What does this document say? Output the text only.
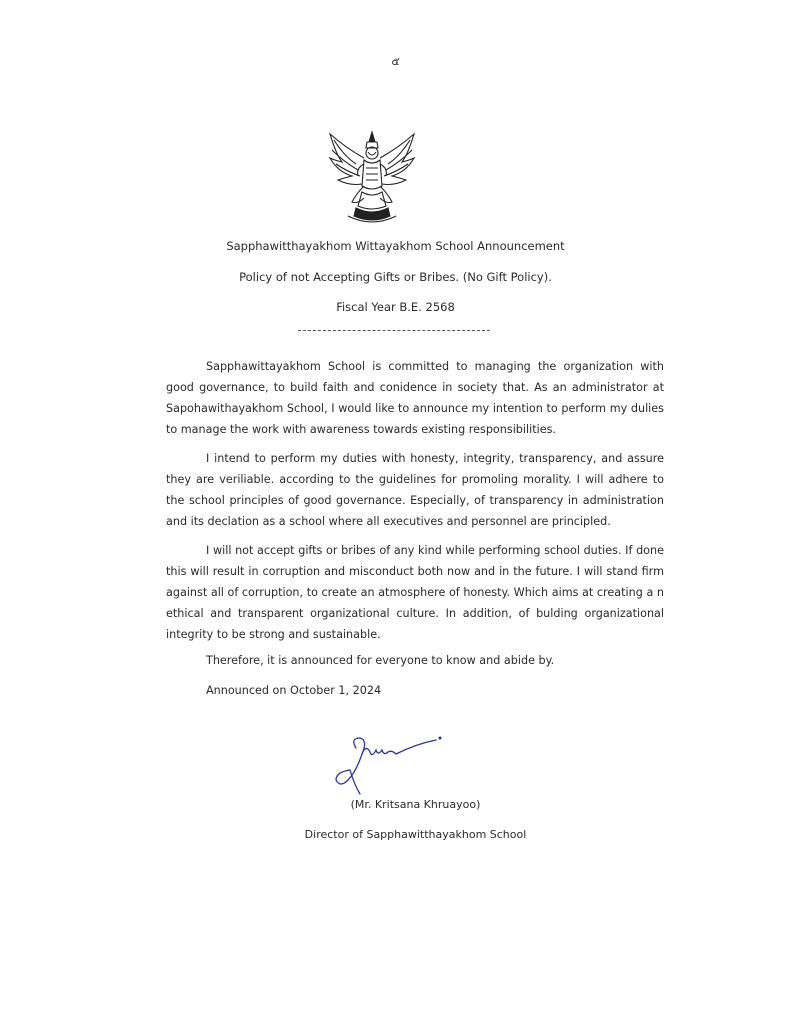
๕
Sapphawitthayakhom Wittayakhom School Announcement
Policy of not Accepting Gifts or Bribes. (No Gift Policy).
Fiscal Year B.E. 2568

Sapphawittayakhom School is committed to managing the organization with good governance, to build faith and conidence in society that. As an administrator at Sapohawithayakhom School, I would like to announce my intention to perform my dulies to manage the work with awareness towards existing responsibilities.

I intend to perform my duties with honesty, integrity, transparency, and assure they are veriliable. according to the guidelines for promoling morality. I will adhere to the school principles of good governance. Especially, of transparency in administration and its declation as a school where all executives and personnel are principled.

I will not accept gifts or bribes of any kind while performing school duties. If done this will result in corruption and misconduct both now and in the future. I will stand firm against all of corruption, to create an atmosphere of honesty. Which aims at creating a n ethical and transparent organizational culture. In addition, of bulding organizational integrity to be strong and sustainable.

Therefore, it is announced for everyone to know and abide by.

Announced on October 1, 2024

(Mr. Kritsana Khruayoo)
Director of Sapphawitthayakhom School
